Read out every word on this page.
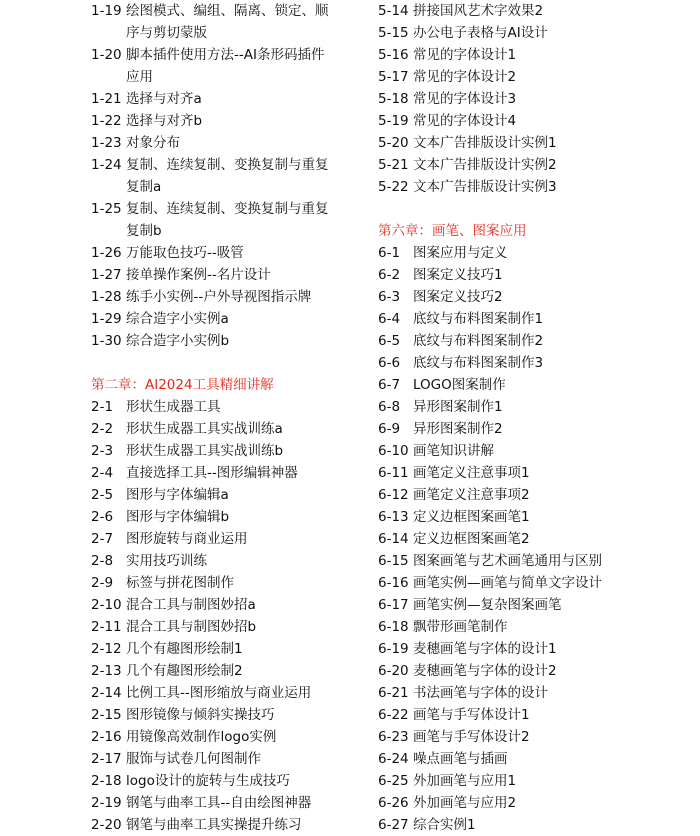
1-19 绘图模式、编组、隔离、锁定、顺
序与剪切蒙版
1-20 脚本插件使用方法--AI条形码插件
应用
1-21 选择与对齐a
1-22 选择与对齐b
1-23 对象分布
1-24 复制、连续复制、变换复制与重复
复制a
1-25 复制、连续复制、变换复制与重复
复制b
1-26 万能取色技巧--吸管
1-27 接单操作案例--名片设计
1-28 练手小实例--户外导视图指示牌
1-29 综合造字小实例a
1-30 综合造字小实例b
第二章：AI2024工具精细讲解
2-1 形状生成器工具
2-2 形状生成器工具实战训练a
2-3 形状生成器工具实战训练b
2-4 直接选择工具--图形编辑神器
2-5 图形与字体编辑a
2-6 图形与字体编辑b
2-7 图形旋转与商业运用
2-8 实用技巧训练
2-9 标签与拼花图制作
2-10 混合工具与制图妙招a
2-11 混合工具与制图妙招b
2-12 几个有趣图形绘制1
2-13 几个有趣图形绘制2
2-14 比例工具--图形缩放与商业运用
2-15 图形镜像与倾斜实操技巧
2-16 用镜像高效制作logo实例
2-17 服饰与试卷几何图制作
2-18 logo设计的旋转与生成技巧
2-19 钢笔与曲率工具--自由绘图神器
2-20 钢笔与曲率工具实操提升练习
5-14 拼接国风艺术字效果2
5-15 办公电子表格与AI设计
5-16 常见的字体设计1
5-17 常见的字体设计2
5-18 常见的字体设计3
5-19 常见的字体设计4
5-20 文本广告排版设计实例1
5-21 文本广告排版设计实例2
5-22 文本广告排版设计实例3
第六章：画笔、图案应用
6-1 图案应用与定义
6-2 图案定义技巧1
6-3 图案定义技巧2
6-4 底纹与布料图案制作1
6-5 底纹与布料图案制作2
6-6 底纹与布料图案制作3
6-7 LOGO图案制作
6-8 异形图案制作1
6-9 异形图案制作2
6-10 画笔知识讲解
6-11 画笔定义注意事项1
6-12 画笔定义注意事项2
6-13 定义边框图案画笔1
6-14 定义边框图案画笔2
6-15 图案画笔与艺术画笔通用与区别
6-16 画笔实例—画笔与简单文字设计
6-17 画笔实例—复杂图案画笔
6-18 飘带形画笔制作
6-19 麦穗画笔与字体的设计1
6-20 麦穗画笔与字体的设计2
6-21 书法画笔与字体的设计
6-22 画笔与手写体设计1
6-23 画笔与手写体设计2
6-24 噪点画笔与插画
6-25 外加画笔与应用1
6-26 外加画笔与应用2
6-27 综合实例1
